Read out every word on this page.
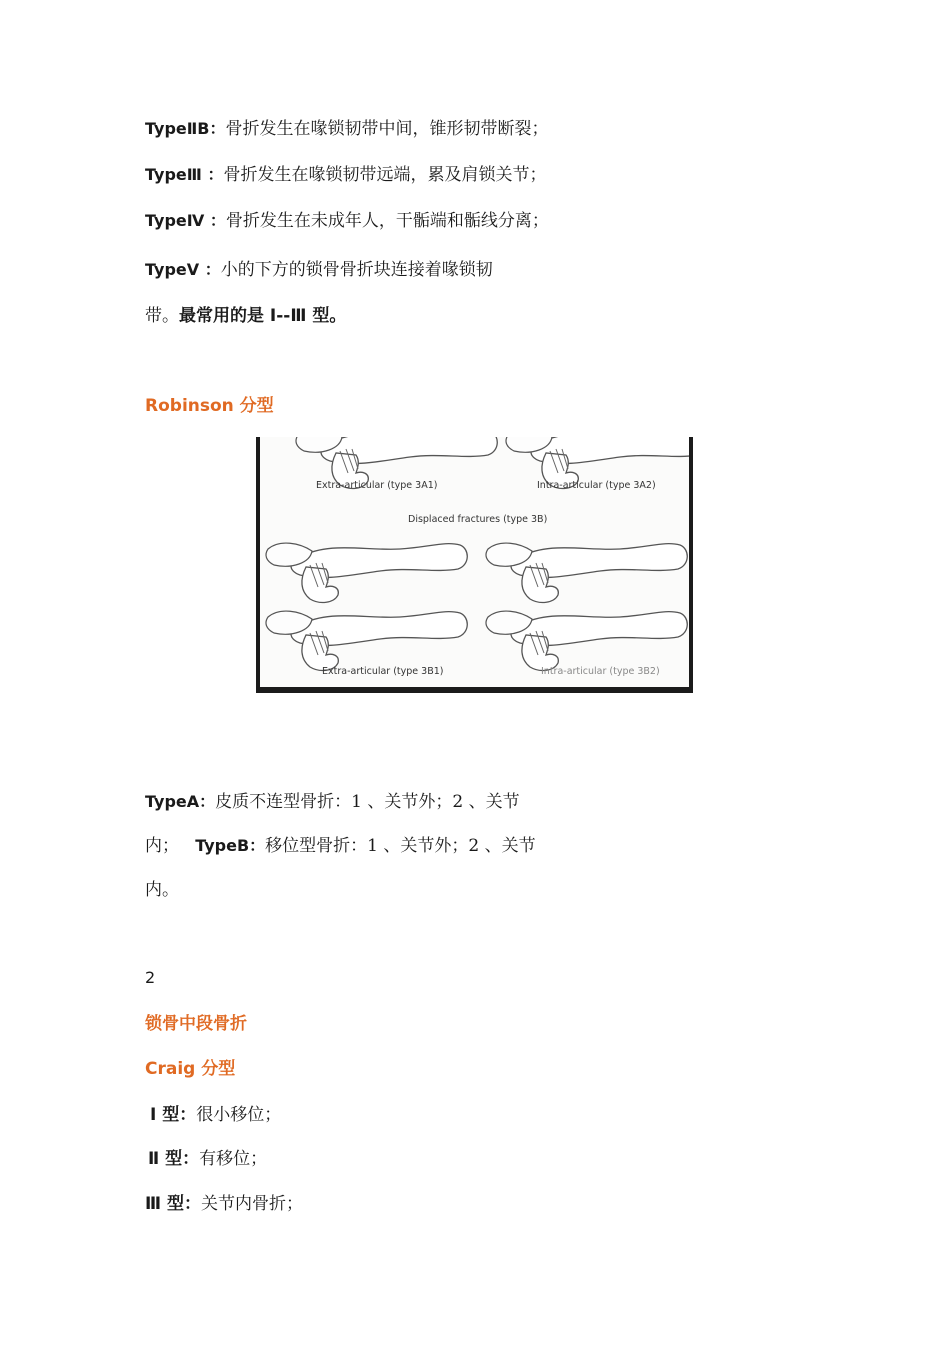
TypeⅡB：骨折发生在喙锁韧带中间，锥形韧带断裂；
TypeⅢ ：骨折发生在喙锁韧带远端，累及肩锁关节；
TypeⅣ ：骨折发生在未成年人，干骺端和骺线分离；
TypeⅤ ：小的下方的锁骨骨折块连接着喙锁韧
带。最常用的是 Ⅰ--Ⅲ 型。
Robinson 分型
Extra-articular (type 3A1)	Intra-articular (type 3A2)
Displaced fractures (type 3B)
Extra-articular (type 3B1)	Intra-articular (type 3B2)
TypeA：皮质不连型骨折：1 、关节外；2 、关节
内； TypeB：移位型骨折：1 、关节外；2 、关节
内。
2
锁骨中段骨折
Craig 分型
Ⅰ 型：很小移位；
Ⅱ 型：有移位；
Ⅲ 型：关节内骨折；
